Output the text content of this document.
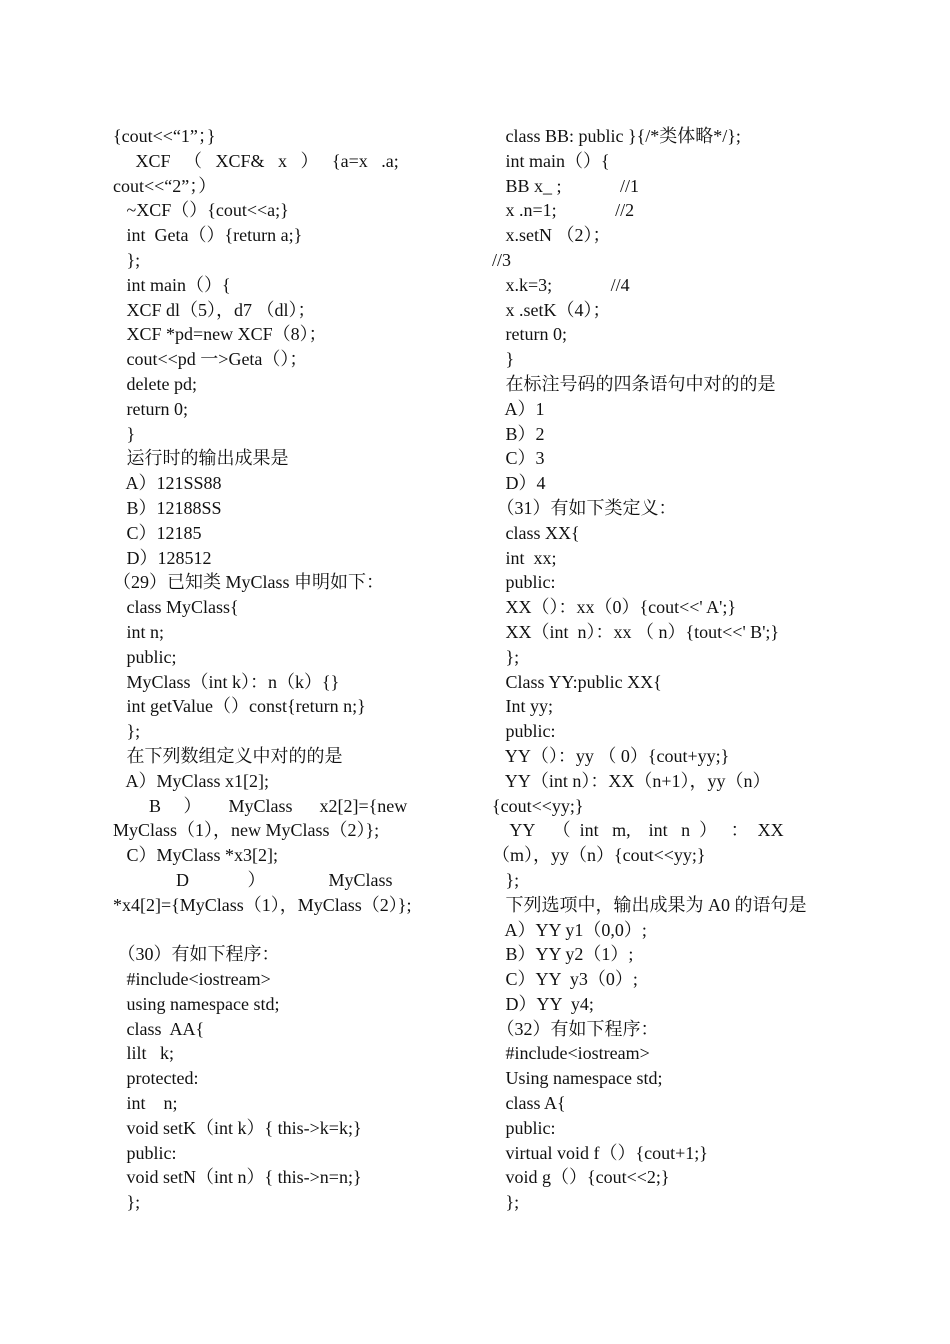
{cout<<“1”；}
XCF   （   XCF&   x   ）   {a=x   .a;
cout<<“2”；）
~XCF（）{cout<<a;}
int  Geta（）{return a;}
};
int main（）{
XCF dl（5），d7 （dl）；
XCF *pd=new XCF（8）；
cout<<pd 一>Geta（）；
delete pd;
return 0;
}
运行时的输出成果是
A）121SS88
B）12188SS
C）12185
D）128512
（29）已知类 MyClass 申明如下：
class MyClass{
int n;
public;
MyClass（int k）：n（k）{}
int getValue（）const{return n;}
};
在下列数组定义中对的的是
A）MyClass x1[2];
B     ）      MyClass      x2[2]={new
MyClass（1），new MyClass（2）};
C）MyClass *x3[2];
D             ）              MyClass
*x4[2]={MyClass（1），MyClass（2）};
（30）有如下程序：
#include<iostream>
using namespace std;
class  AA{
lilt   k;
protected:
int    n;
void setK（int k）{ this->k=k;}
public:
void setN（int n）{ this->n=n;}
};
class BB: public }{/*类体略*/};
int main（）{
BB x_ ;             //1
x .n=1;             //2
x.setN （2）；
//3
x.k=3;             //4
x .setK（4）；
return 0;
}
在标注号码的四条语句中对的的是
A）1
B）2
C）3
D）4
（31）有如下类定义：
class XX{
int  xx;
public:
XX（）：xx（0）{cout<<' A';}
XX（int  n）：xx （ n）{tout<<' B';}
};
Class YY:public XX{
Int yy;
public:
YY（）：yy （ 0）{cout+yy;}
YY（int n）：XX（n+1），yy（n）
{cout<<yy;}
YY    （  int   m,    int   n  ）   ：  XX
（m），yy（n）{cout<<yy;}
};
下列选项中，输出成果为 A0 的语句是
A）YY y1（0,0）;
B）YY y2（1）;
C）YY  y3（0）;
D）YY  y4;
（32）有如下程序：
#include<iostream>
Using namespace std;
class A{
public:
virtual void f（）{cout+1;}
void g（）{cout<<2;}
};
